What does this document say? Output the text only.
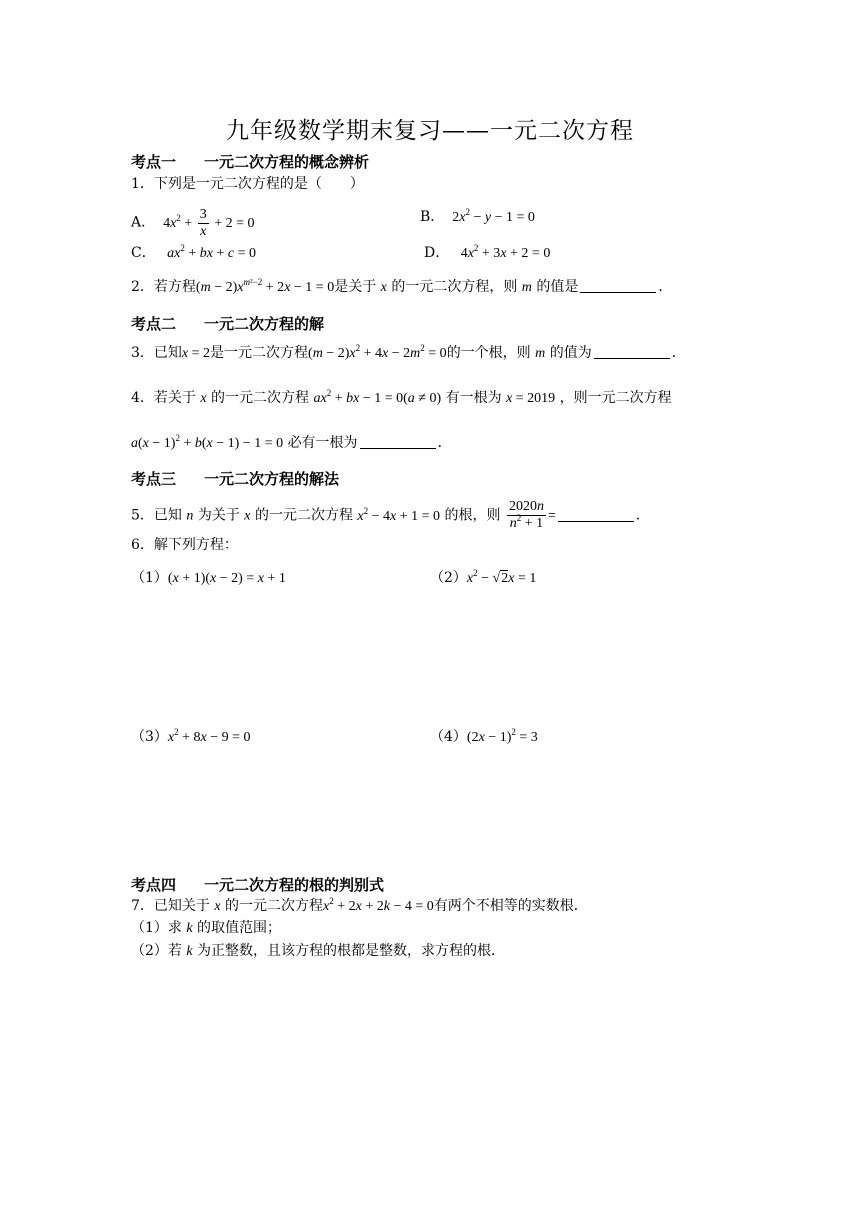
九年级数学期末复习——一元二次方程
考点一 一元二次方程的概念辨析
1．下列是一元二次方程的是（　　）
A．  $4x^2 + \frac{3}{x} + 2 = 0$	B．  $2x^2 - y - 1 = 0$
C． $ax^2$ + bx + c = 0	D．   $4x^2 + 3x + 2 = 0$
2．若方程$(m - 2)x^{m^2-2} + 2x - 1 = 0$是关于 x 的一元二次方程，则 m 的值是	．
考点二 一元二次方程的解
3．已知x = 2是一元二次方程$(m - 2)x^2 + 4x - 2m^2 = 0$的一个根，则 m 的值为	．
4．若关于 x 的一元二次方程 $ax^2$ + bx − 1 = 0(a ≠ 0) 有一根为 x = 2019 ，则一元二次方程
$a(x - 1)^2 + b(x - 1) - 1 = 0$ 必有一根为	．
考点三 一元二次方程的解法
5．已知 n 为关于 x 的一元二次方程 $x^2 - 4x + 1 = 0$ 的根，则 $\frac{2020n}{n^2 + 1}$ =	．
6．解下列方程：
（1）(x + 1)(x − 2) = x + 1	$(2)x^2 - √2x = 1$
$(3)x^2 + 8x - 9 = 0$	$(4)(2x - 1)^2 = 3$
考点四 一元二次方程的根的判别式
7．已知关于 x 的一元二次方程$x^2 + 2x + 2k - 4 = 0$有两个不相等的实数根．
（1）求 k 的取值范围；
（2）若 k 为正整数，且该方程的根都是整数，求方程的根．
